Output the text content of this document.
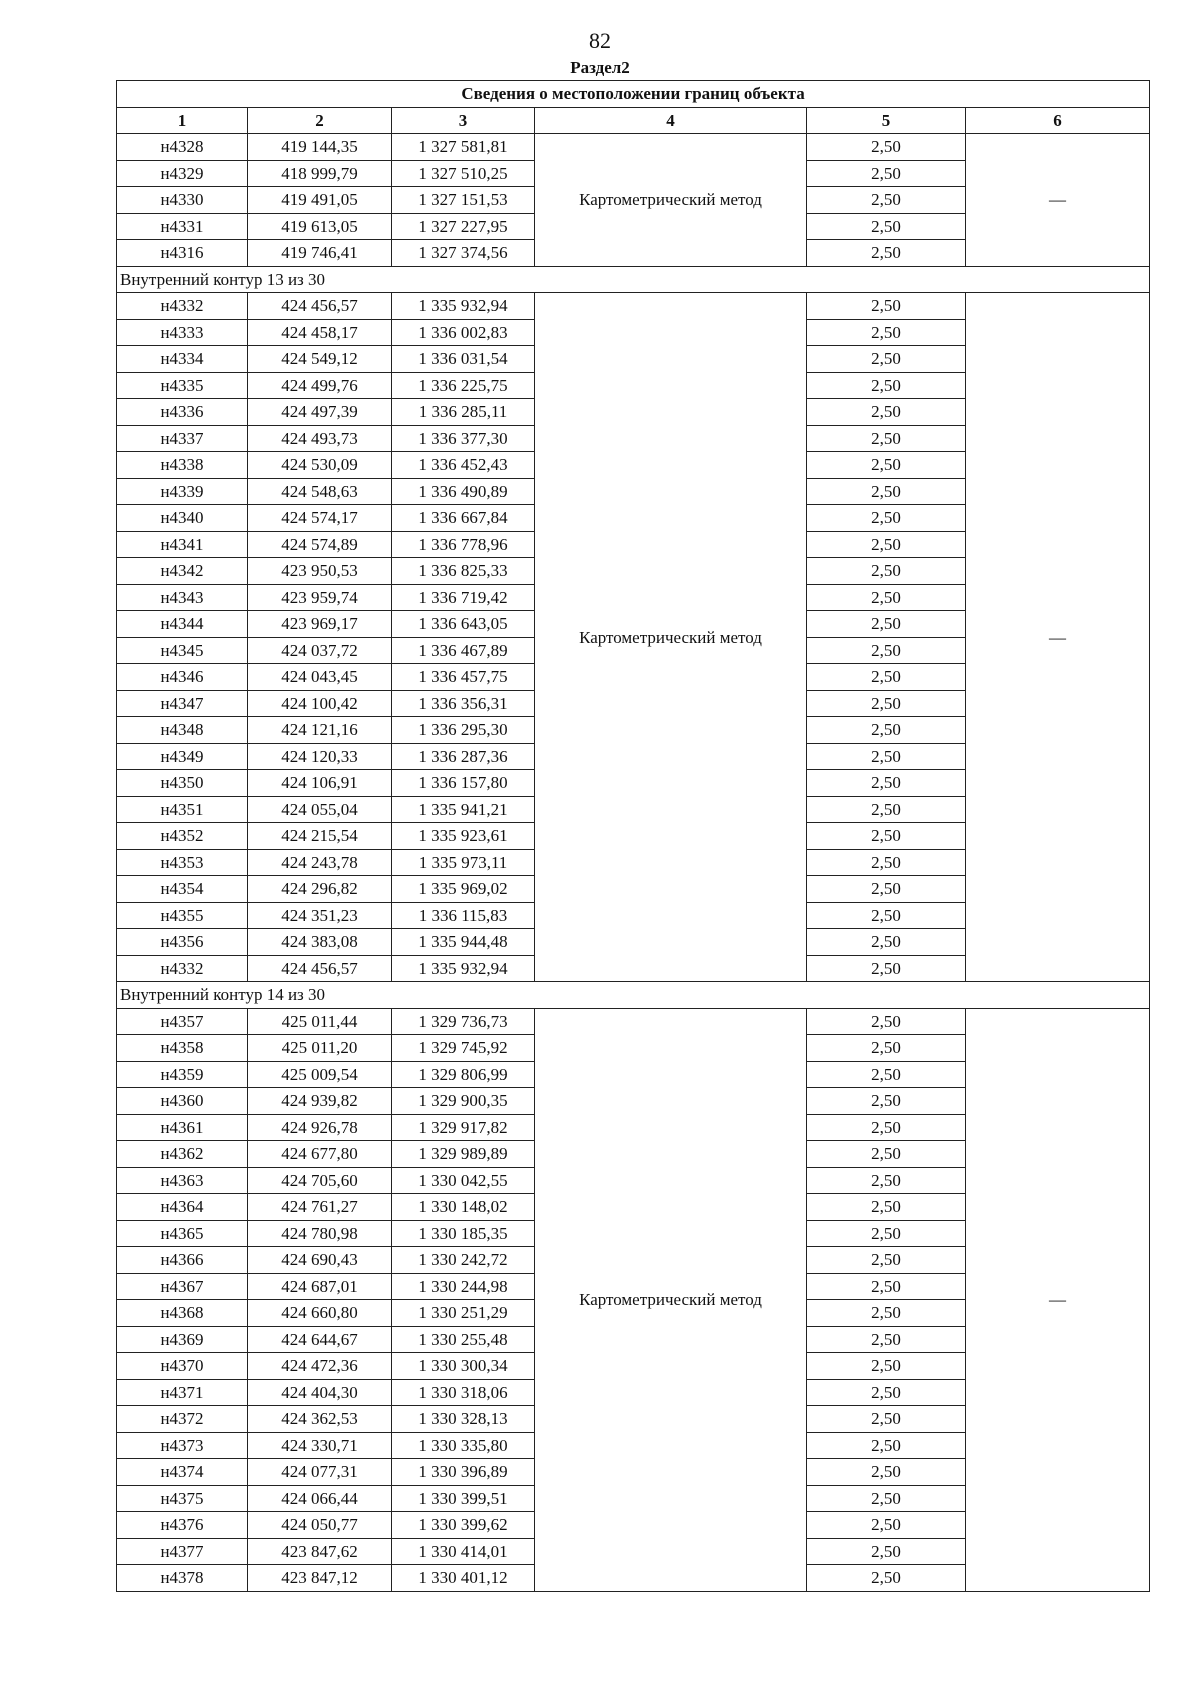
82
Раздел2
Сведения о местоположении границ объекта					
1	2	3	4	5	6
н4328	419 144,35	1 327 581,81	Картометрический метод	2,50	—
н4329	418 999,79	1 327 510,25		2,50	
н4330	419 491,05	1 327 151,53		2,50	
н4331	419 613,05	1 327 227,95		2,50	
н4316	419 746,41	1 327 374,56		2,50	
Внутренний контур 13 из 30					
н4332	424 456,57	1 335 932,94	Картометрический метод	2,50	—
н4333	424 458,17	1 336 002,83		2,50	
н4334	424 549,12	1 336 031,54		2,50	
н4335	424 499,76	1 336 225,75		2,50	
н4336	424 497,39	1 336 285,11		2,50	
н4337	424 493,73	1 336 377,30		2,50	
н4338	424 530,09	1 336 452,43		2,50	
н4339	424 548,63	1 336 490,89		2,50	
н4340	424 574,17	1 336 667,84		2,50	
н4341	424 574,89	1 336 778,96		2,50	
н4342	423 950,53	1 336 825,33		2,50	
н4343	423 959,74	1 336 719,42		2,50	
н4344	423 969,17	1 336 643,05		2,50	
н4345	424 037,72	1 336 467,89		2,50	
н4346	424 043,45	1 336 457,75		2,50	
н4347	424 100,42	1 336 356,31		2,50	
н4348	424 121,16	1 336 295,30		2,50	
н4349	424 120,33	1 336 287,36		2,50	
н4350	424 106,91	1 336 157,80		2,50	
н4351	424 055,04	1 335 941,21		2,50	
н4352	424 215,54	1 335 923,61		2,50	
н4353	424 243,78	1 335 973,11		2,50	
н4354	424 296,82	1 335 969,02		2,50	
н4355	424 351,23	1 336 115,83		2,50	
н4356	424 383,08	1 335 944,48		2,50	
н4332	424 456,57	1 335 932,94		2,50	
Внутренний контур 14 из 30					
н4357	425 011,44	1 329 736,73	Картометрический метод	2,50	—
н4358	425 011,20	1 329 745,92		2,50	
н4359	425 009,54	1 329 806,99		2,50	
н4360	424 939,82	1 329 900,35		2,50	
н4361	424 926,78	1 329 917,82		2,50	
н4362	424 677,80	1 329 989,89		2,50	
н4363	424 705,60	1 330 042,55		2,50	
н4364	424 761,27	1 330 148,02		2,50	
н4365	424 780,98	1 330 185,35		2,50	
н4366	424 690,43	1 330 242,72		2,50	
н4367	424 687,01	1 330 244,98		2,50	
н4368	424 660,80	1 330 251,29		2,50	
н4369	424 644,67	1 330 255,48		2,50	
н4370	424 472,36	1 330 300,34		2,50	
н4371	424 404,30	1 330 318,06		2,50	
н4372	424 362,53	1 330 328,13		2,50	
н4373	424 330,71	1 330 335,80		2,50	
н4374	424 077,31	1 330 396,89		2,50	
н4375	424 066,44	1 330 399,51		2,50	
н4376	424 050,77	1 330 399,62		2,50	
н4377	423 847,62	1 330 414,01		2,50	
н4378	423 847,12	1 330 401,12		2,50	
